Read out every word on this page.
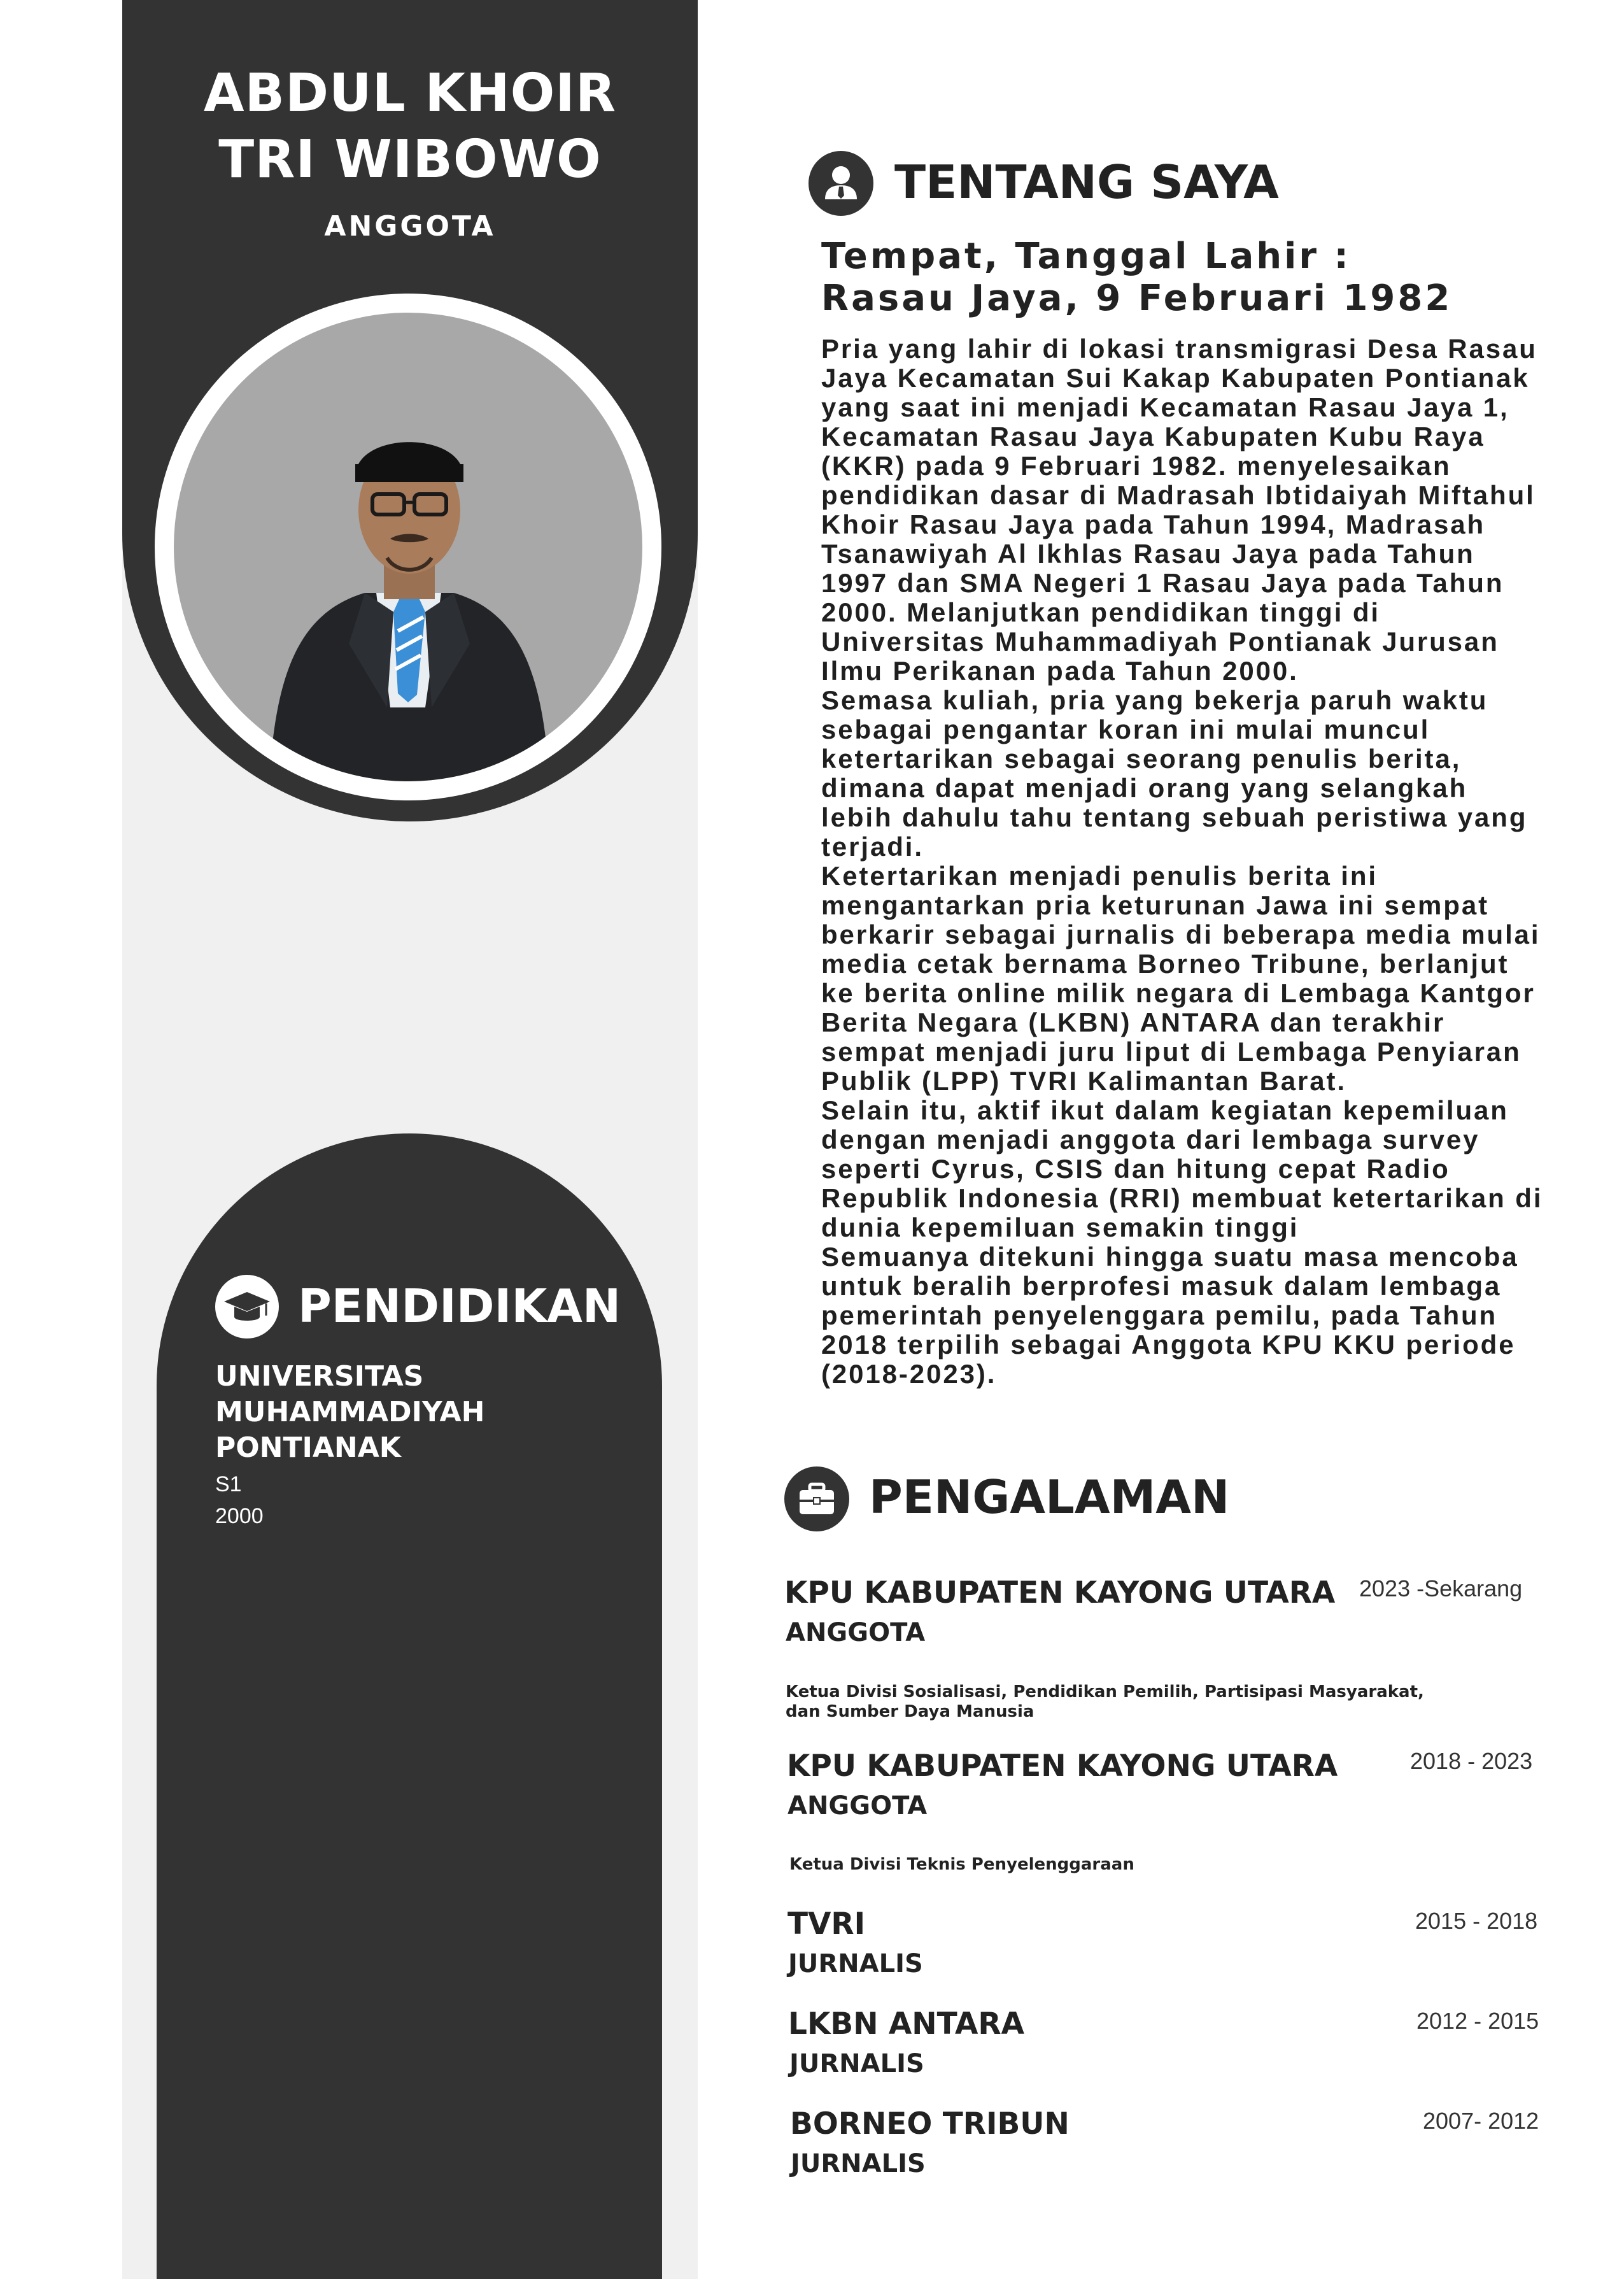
ABDUL KHOIR
TRI WIBOWO
ANGGOTA
PENDIDIKAN
UNIVERSITAS
MUHAMMADIYAH
PONTIANAK
S1
2000
TENTANG SAYA
Tempat, Tanggal Lahir :
Rasau Jaya, 9 Februari 1982

Pria yang lahir di lokasi transmigrasi Desa Rasau Jaya Kecamatan Sui Kakap Kabupaten Pontianak yang saat ini menjadi Kecamatan Rasau Jaya 1, Kecamatan Rasau Jaya Kabupaten Kubu Raya (KKR) pada 9 Februari 1982. menyelesaikan pendidikan dasar di Madrasah Ibtidaiyah Miftahul Khoir Rasau Jaya pada Tahun 1994, Madrasah Tsanawiyah Al Ikhlas Rasau Jaya pada Tahun 1997 dan SMA Negeri 1 Rasau Jaya pada Tahun 2000. Melanjutkan pendidikan tinggi di Universitas Muhammadiyah Pontianak Jurusan Ilmu Perikanan pada Tahun 2000.

Semasa kuliah, pria yang bekerja paruh waktu sebagai pengantar koran ini mulai muncul ketertarikan sebagai seorang penulis berita, dimana dapat menjadi orang yang selangkah lebih dahulu tahu tentang sebuah peristiwa yang terjadi.

Ketertarikan menjadi penulis berita ini mengantarkan pria keturunan Jawa ini sempat berkarir sebagai jurnalis di beberapa media mulai media cetak bernama Borneo Tribune, berlanjut ke berita online milik negara di Lembaga Kantgor Berita Negara (LKBN) ANTARA dan terakhir sempat menjadi juru liput di Lembaga Penyiaran Publik (LPP) TVRI Kalimantan Barat.

Selain itu, aktif ikut dalam kegiatan kepemiluan dengan menjadi anggota dari lembaga survey seperti Cyrus, CSIS dan hitung cepat Radio Republik Indonesia (RRI) membuat ketertarikan di dunia kepemiluan semakin tinggi

Semuanya ditekuni hingga suatu masa mencoba untuk beralih berprofesi masuk dalam lembaga pemerintah penyelenggara pemilu, pada Tahun 2018 terpilih sebagai Anggota KPU KKU periode (2018-2023).

PENGALAMAN
KPU KABUPATEN KAYONG UTARA 2023 -Sekarang
ANGGOTA
Ketua Divisi Sosialisasi, Pendidikan Pemilih, Partisipasi Masyarakat, dan Sumber Daya Manusia
KPU KABUPATEN KAYONG UTARA	2018 - 2023
ANGGOTA
Ketua Divisi Teknis Penyelenggaraan
TVRI	2015 - 2018
JURNALIS
LKBN ANTARA	2012 - 2015
JURNALIS
BORNEO TRIBUN	2007- 2012
JURNALIS
